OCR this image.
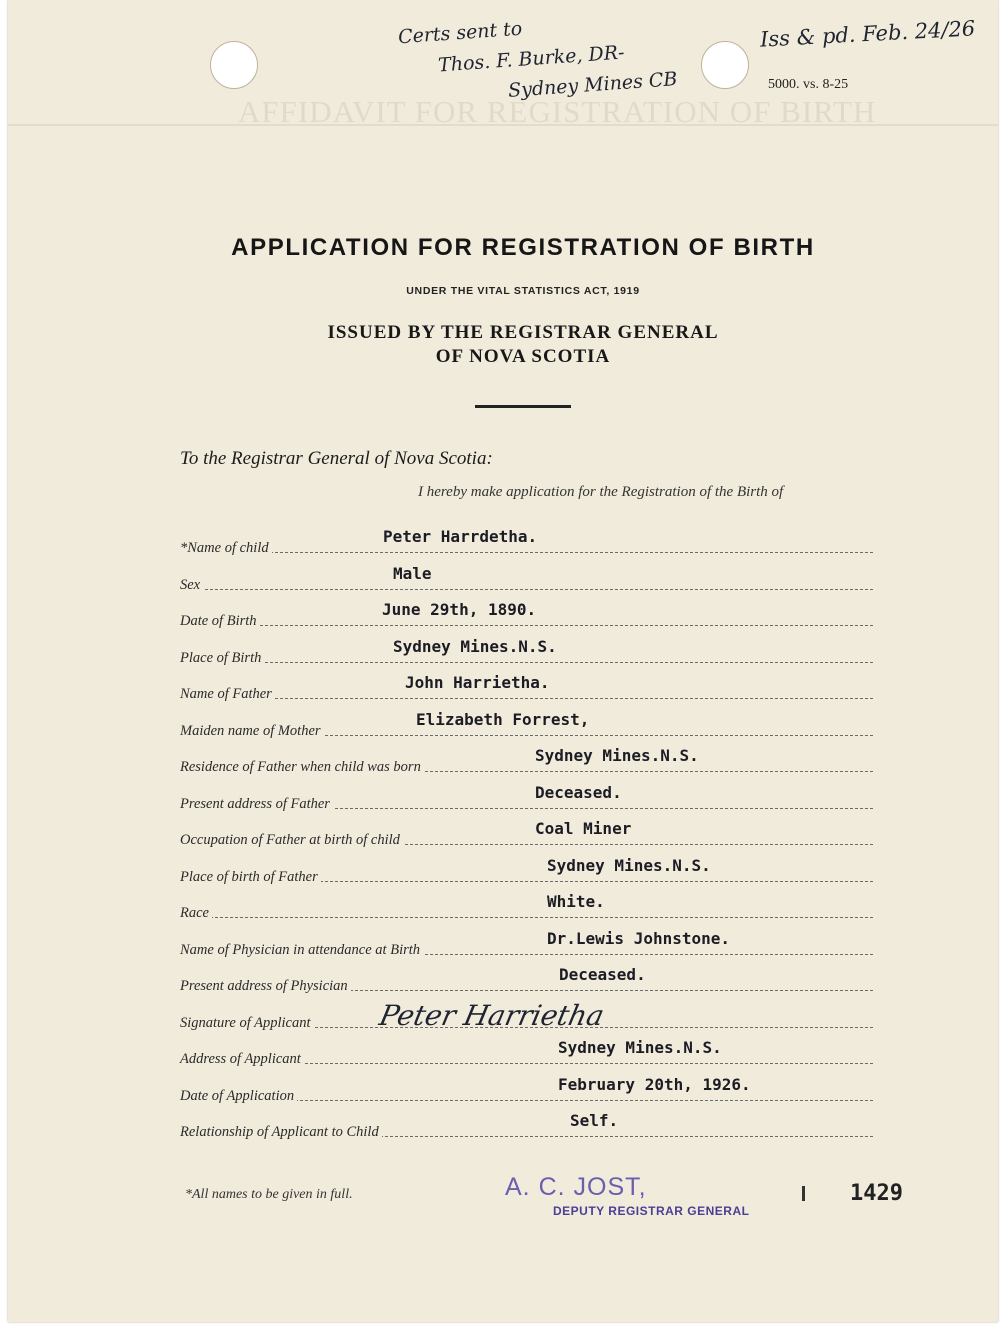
Certs sent to
Thos. F. Burke, DR-
Sydney Mines CB
Iss & pd. Feb. 24/26
5000. vs. 8-25
AFFIDAVIT FOR REGISTRATION OF BIRTH
APPLICATION FOR REGISTRATION OF BIRTH
UNDER THE VITAL STATISTICS ACT, 1919
ISSUED BY THE REGISTRAR GENERAL
OF NOVA SCOTIA
To the Registrar General of Nova Scotia:
I hereby make application for the Registration of the Birth of
*Name of child
Peter Harrdetha.
Sex
Male
Date of Birth
June 29th, 1890.
Place of Birth
Sydney Mines.N.S.
Name of Father
John Harrietha.
Maiden name of Mother
Elizabeth Forrest,
Residence of Father when child was born
Sydney Mines.N.S.
Present address of Father
Deceased.
Occupation of Father at birth of child
Coal Miner
Place of birth of Father
Sydney Mines.N.S.
Race
White.
Name of Physician in attendance at Birth
Dr.Lewis Johnstone.
Present address of Physician
Deceased.
Signature of Applicant Peter Harrietha
Address of Applicant
Sydney Mines.N.S.
Date of Application
February 20th, 1926.
Relationship of Applicant to Child
Self.
*All names to be given in full.	A. C. JOST,
DEPUTY REGISTRAR GENERAL
1429
